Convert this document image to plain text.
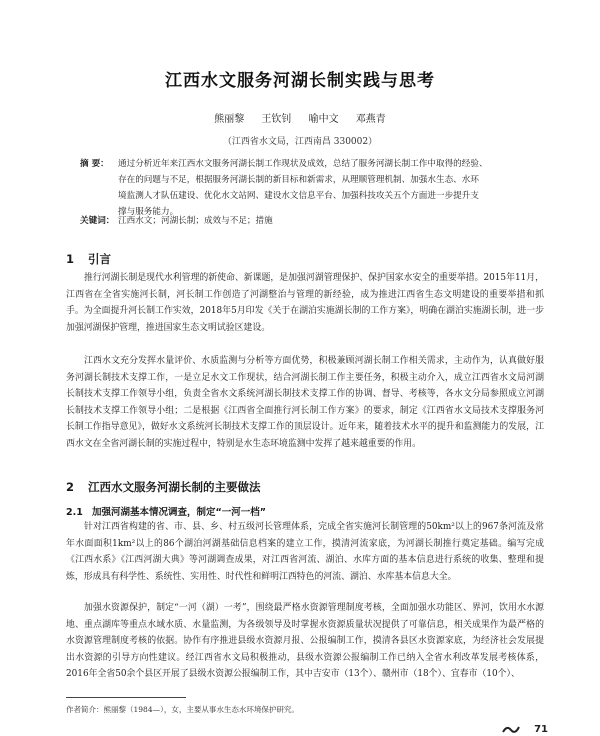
江西水文服务河湖长制实践与思考
熊丽黎 王钦钊 喻中文 邓燕青
（江西省水文局，江西南昌 330002）
摘 要： 通过分析近年来江西水文服务河湖长制工作现状及成效，总结了服务河湖长制工作中取得的经验、
存在的问题与不足，根据服务河湖长制的新目标和新需求，从理顺管理机制、加强水生态、水环
境监测人才队伍建设、优化水文站网、建设水文信息平台、加强科技攻关五个方面进一步提升支
撑与服务能力。
关键词： 江西水文；河湖长制；成效与不足；措施
1 引言
推行河湖长制是现代水利管理的新使命、新课题，是加强河湖管理保护、保护国家水安全的重要举措。2015年11月，江西省在全省实施河长制，河长制工作创造了河湖整治与管理的新经验，成为推进江西省生态文明建设的重要举措和抓手。为全面提升河长制工作实效，2018年5月印发《关于在湖泊实施湖长制的工作方案》，明确在湖泊实施湖长制，进一步加强河湖保护管理，推进国家生态文明试验区建设。
江西水文充分发挥水量评价、水质监测与分析等方面优势，积极兼顾河湖长制工作相关需求，主动作为，认真做好服务河湖长制技术支撑工作，一是立足水文工作现状，结合河湖长制工作主要任务，积极主动介入，成立江西省水文局河湖长制技术支撑工作领导小组，负责全省水文系统河湖长制技术支撑工作的协调、督导、考核等，各水文分局参照成立河湖长制技术支撑工作领导小组；二是根据《江西省全面推行河长制工作方案》的要求，制定《江西省水文局技术支撑服务河长制工作指导意见》，做好水文系统河长制技术支撑工作的顶层设计。近年来，随着技术水平的提升和监测能力的发展，江西水文在全省河湖长制的实施过程中，特别是水生态环境监测中发挥了越来越重要的作用。
2 江西水文服务河湖长制的主要做法
2.1 加强河湖基本情况调查，制定“一河一档”
针对江西省构建的省、市、县、乡、村五级河长管理体系，完成全省实施河长制管理的50km²以上的967条河流及常年水面面积1km²以上的86个湖泊河湖基础信息档案的建立工作，摸清河流家底，为河湖长制推行奠定基础。编写完成《江西水系》《江西河湖大典》等河湖调查成果，对江西省河流、湖泊、水库方面的基本信息进行系统的收集、整理和提炼，形成具有科学性、系统性、实用性、时代性和鲜明江西特色的河流、湖泊、水库基本信息大全。
加强水资源保护，制定“一河（湖）一考”，围绕最严格水资源管理制度考核，全面加强水功能区、界河，饮用水水源地、重点湖库等重点水域水质、水量监测，为各级领导及时掌握水资源质量状况提供了可靠信息，相关成果作为最严格的水资源管理制度考核的依据。协作有序推进县级水资源月报、公报编制工作，摸清各县区水资源家底，为经济社会发展提出水资源的引导方向性建议。经江西省水文局积极推动，县级水资源公报编制工作已纳入全省水利改革发展考核体系，2016年全省50余个县区开展了县级水资源公报编制工作，其中吉安市（13个）、赣州市（18个）、宜春市（10个）、
作者简介：熊丽黎（1984—），女，主要从事水生态水环境保护研究。
71
